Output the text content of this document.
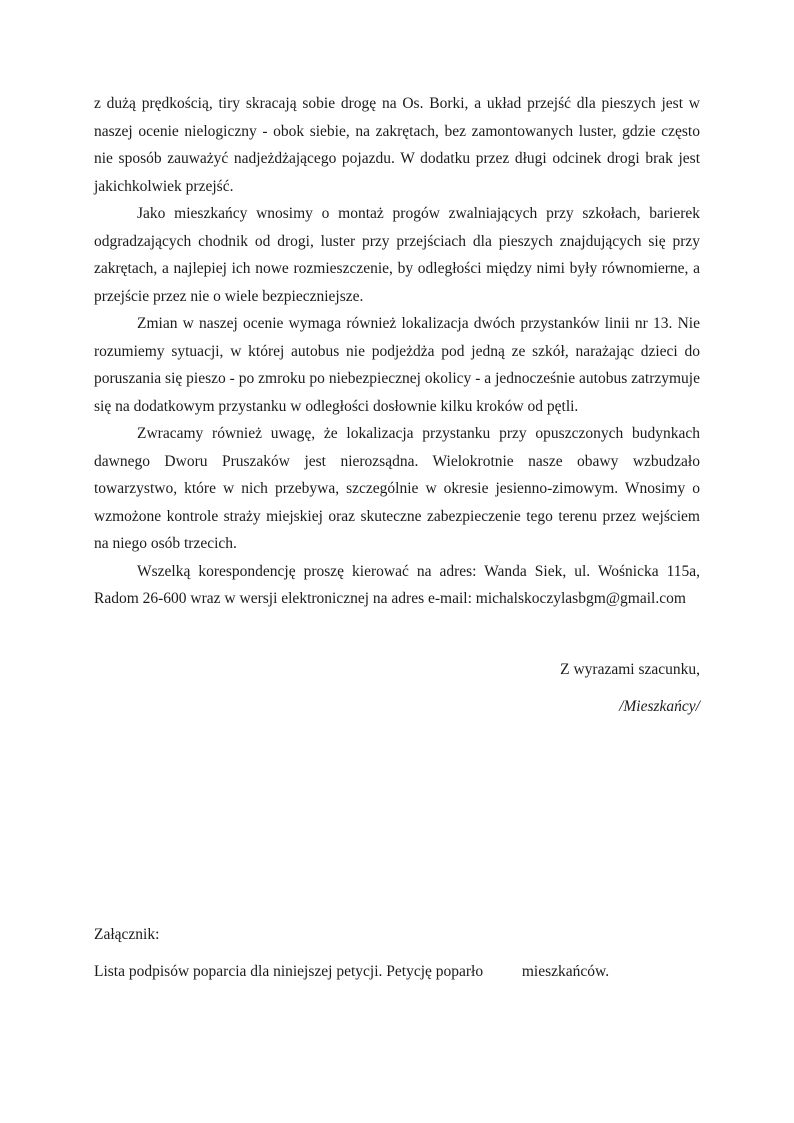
z dużą prędkością, tiry skracają sobie drogę na Os. Borki, a układ przejść dla pieszych jest w naszej ocenie nielogiczny - obok siebie, na zakrętach, bez zamontowanych luster, gdzie często nie sposób zauważyć nadjeżdżającego pojazdu. W dodatku przez długi odcinek drogi brak jest jakichkolwiek przejść.

Jako mieszkańcy wnosimy o montaż progów zwalniających przy szkołach, barierek odgradzających chodnik od drogi, luster przy przejściach dla pieszych znajdujących się przy zakrętach, a najlepiej ich nowe rozmieszczenie, by odległości między nimi były równomierne, a przejście przez nie o wiele bezpieczniejsze.

Zmian w naszej ocenie wymaga również lokalizacja dwóch przystanków linii nr 13. Nie rozumiemy sytuacji, w której autobus nie podjeżdża pod jedną ze szkół, narażając dzieci do poruszania się pieszo - po zmroku po niebezpiecznej okolicy - a jednocześnie autobus zatrzymuje się na dodatkowym przystanku w odległości dosłownie kilku kroków od pętli.

Zwracamy również uwagę, że lokalizacja przystanku przy opuszczonych budynkach dawnego Dworu Pruszaków jest nierozsądna. Wielokrotnie nasze obawy wzbudzało towarzystwo, które w nich przebywa, szczególnie w okresie jesienno-zimowym. Wnosimy o wzmożone kontrole straży miejskiej oraz skuteczne zabezpieczenie tego terenu przez wejściem na niego osób trzecich.

Wszelką korespondencję proszę kierować na adres: Wanda Siek, ul. Wośnicka 115a, Radom 26-600 wraz w wersji elektronicznej na adres e-mail: michalskoczylasbgm@gmail.com

Z wyrazami szacunku,

/Mieszkańcy/

Załącznik:

Lista podpisów poparcia dla niniejszej petycji. Petycję poparło          mieszkańców.
